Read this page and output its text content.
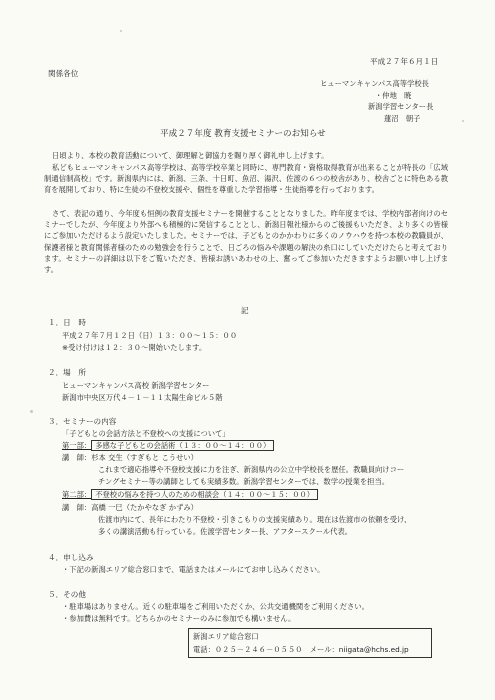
平成２７年６月１日
関係各位
ヒューマンキャンパス高等学校長
・仲地　暁
新潟学習センター長
蓮沼　朝子
平成２７年度 教育支援セミナーのお知らせ
日頃より、本校の教育活動について、御理解と御協力を賜り厚く御礼申し上げます。
私どもヒューマンキャンパス高等学校は、高等学校卒業と同時に、専門教育・資格取得教育が出来ることが特長の「広域制通信制高校」です。新潟県内には、新潟、三条、十日町、魚沼、湯沢、佐渡の６つの校舎があり、校舎ごとに特色ある教育を展開しており、特に生徒の不登校支援や、個性を尊重した学習指導・生徒指導を行っております。
さて、表記の通り、今年度も恒例の教育支援セミナーを開催することとなりました。昨年度までは、学校内部者向けのセミナーでしたが、今年度より外部へも積極的に発信することとし、新潟日報社様からのご後援もいただき、より多くの皆様にご参加いただけるよう設定いたしました。セミナーでは、子どもとのかかわりに多くのノウハウを持つ本校の教職員が、保護者様と教育関係者様のための勉強会を行うことで、日ごろの悩みや課題の解決の糸口にしていただけたらと考えております。セミナーの詳細は以下をご覧いただき、皆様お誘いあわせの上、奮ってご参加いただきますようお願い申し上げます。
記
１．日　時
平成２７年７月１２日（日）１３：００～１５：００
※受け付けは１２：３０～開始いたします。
２．場　所
ヒューマンキャンパス高校 新潟学習センター
新潟市中央区万代４－１－１１太陽生命ビル５階
３．セミナーの内容
「子どもとの会話方法と不登校への支援について」
第一部： 多感な子どもとの会話術（１３：００～１４：００）
講　師：杉本 交生（すぎもと こうせい）
これまで適応指導や不登校支援に力を注ぎ、新潟県内の公立中学校長を歴任。教職員向けコー
チングセミナー等の講師としても実績多数。新潟学習センターでは、数学の授業を担当。
第二部： 不登校の悩みを持つ人のための相談会（１４：００～１５：００）
講　師：高橋 一巳（たかやなぎ かずみ）
佐渡市内にて、長年にわたり不登校・引きこもりの支援実績あり。現在は佐渡市の依頼を受け、
多くの講演活動も行っている。佐渡学習センター長、アフタースクール代表。
４．申し込み
・下記の新潟エリア総合窓口まで、電話またはメールにてお申し込みください。
５．その他
・駐車場はありません。近くの駐車場をご利用いただくか、公共交通機関をご利用ください。
・参加費は無料です。どちらかのセミナーのみに参加でも構いません。
新潟エリア総合窓口
電話：０２５－２４６－０５５０　メール：niigata@hchs.ed.jp
